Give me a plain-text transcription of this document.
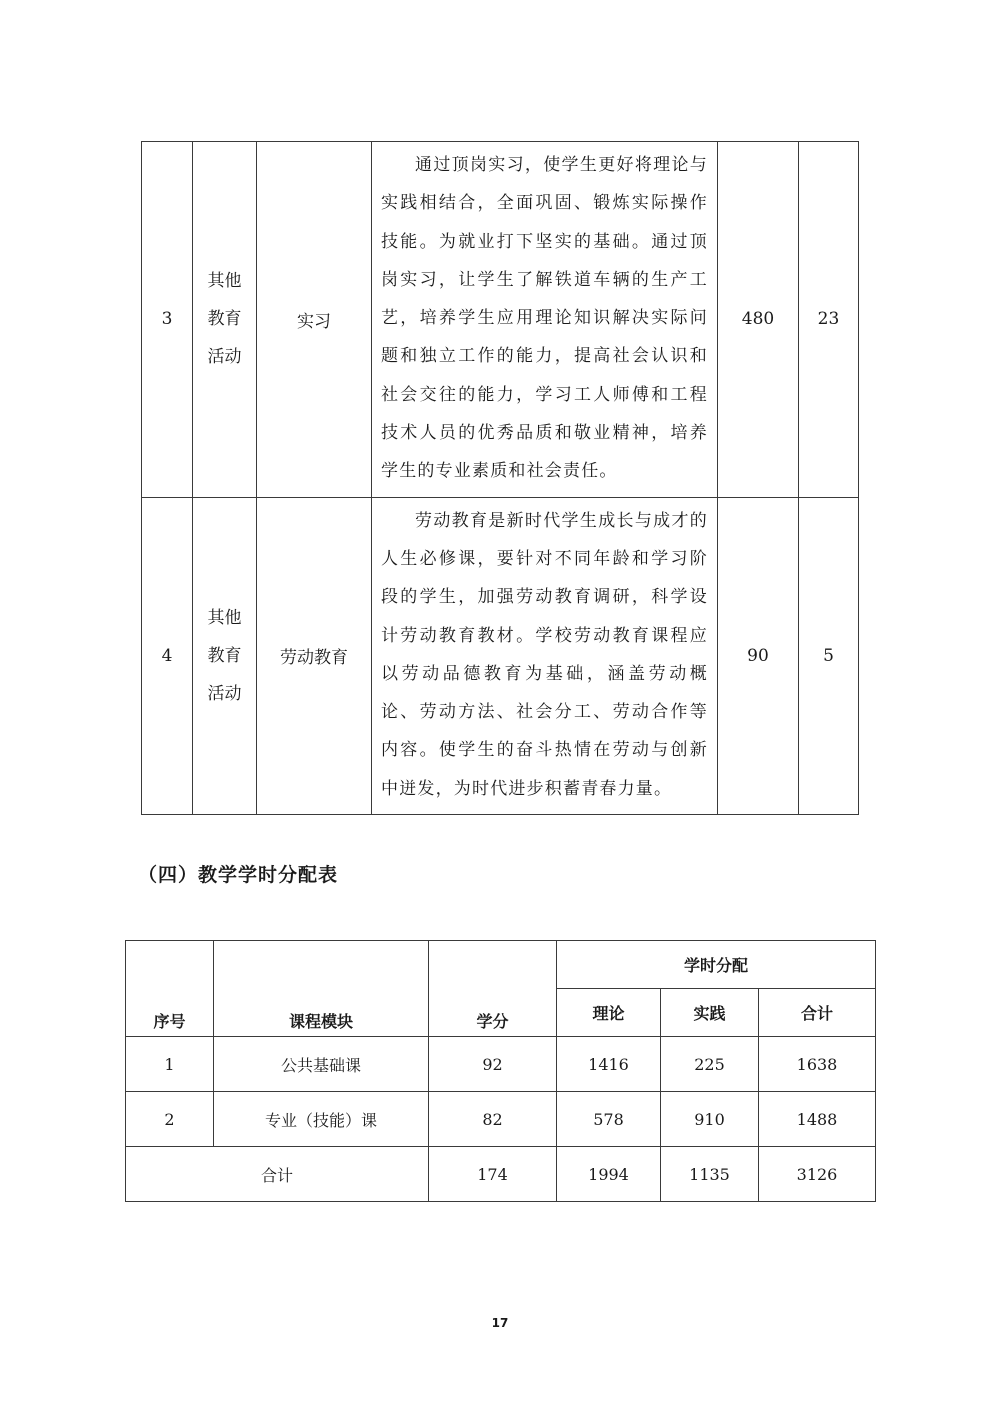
3	其他
教育
活动	实习	通过顶岗实习，使学生更好将理论与实践相结合，全面巩固、锻炼实际操作技能。为就业打下坚实的基础。通过顶岗实习，让学生了解铁道车辆的生产工艺，培养学生应用理论知识解决实际问题和独立工作的能力，提高社会认识和社会交往的能力，学习工人师傅和工程技术人员的优秀品质和敬业精神，培养学生的专业素质和社会责任。	480	23
4	其他
教育
活动	劳动教育	劳动教育是新时代学生成长与成才的人生必修课，要针对不同年龄和学习阶段的学生，加强劳动教育调研，科学设计劳动教育教材。学校劳动教育课程应以劳动品德教育为基础，涵盖劳动概论、劳动方法、社会分工、劳动合作等内容。使学生的奋斗热情在劳动与创新中迸发，为时代进步积蓄青春力量。	90	5
（四）教学学时分配表
序号	课程模块	学分	学时分配		
			理论	实践	合计
1	公共基础课	92	1416	225	1638
2	专业（技能）课	82	578	910	1488
合计		174	1994	1135	3126
17
